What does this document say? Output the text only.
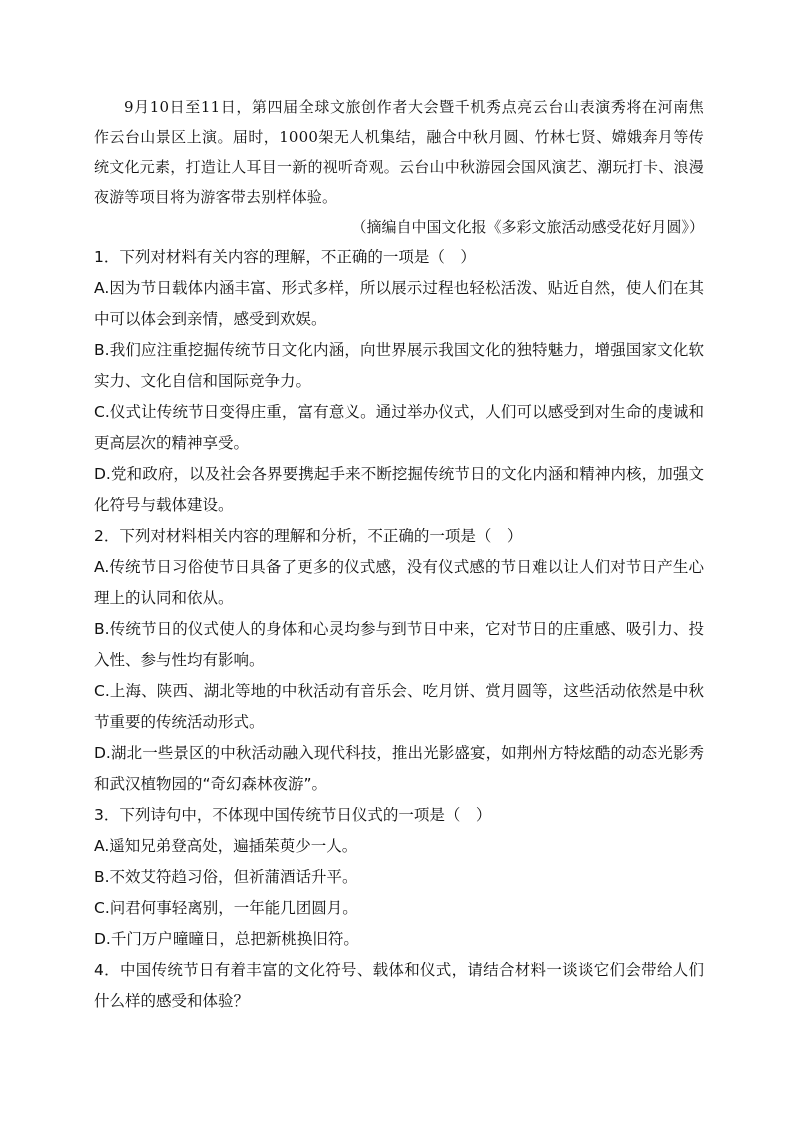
9月10日至11日，第四届全球文旅创作者大会暨千机秀点亮云台山表演秀将在河南焦作云台山景区上演。届时，1000架无人机集结，融合中秋月圆、竹林七贤、嫦娥奔月等传统文化元素，打造让人耳目一新的视听奇观。云台山中秋游园会国风演艺、潮玩打卡、浪漫夜游等项目将为游客带去别样体验。

（摘编自中国文化报《多彩文旅活动感受花好月圆》）

1．下列对材料有关内容的理解，不正确的一项是（　）

A.因为节日载体内涵丰富、形式多样，所以展示过程也轻松活泼、贴近自然，使人们在其中可以体会到亲情，感受到欢娱。

B.我们应注重挖掘传统节日文化内涵，向世界展示我国文化的独特魅力，增强国家文化软实力、文化自信和国际竞争力。

C.仪式让传统节日变得庄重，富有意义。通过举办仪式，人们可以感受到对生命的虔诚和更高层次的精神享受。

D.党和政府，以及社会各界要携起手来不断挖掘传统节日的文化内涵和精神内核，加强文化符号与载体建设。

2．下列对材料相关内容的理解和分析，不正确的一项是（　）

A.传统节日习俗使节日具备了更多的仪式感，没有仪式感的节日难以让人们对节日产生心理上的认同和依从。

B.传统节日的仪式使人的身体和心灵均参与到节日中来，它对节日的庄重感、吸引力、投入性、参与性均有影响。

C.上海、陕西、湖北等地的中秋活动有音乐会、吃月饼、赏月圆等，这些活动依然是中秋节重要的传统活动形式。

D.湖北一些景区的中秋活动融入现代科技，推出光影盛宴，如荆州方特炫酷的动态光影秀和武汉植物园的“奇幻森林夜游”。

3．下列诗句中，不体现中国传统节日仪式的一项是（　）

A.遥知兄弟登高处，遍插茱萸少一人。

B.不效艾符趋习俗，但祈蒲酒话升平。

C.问君何事轻离别，一年能几团圆月。

D.千门万户曈曈日，总把新桃换旧符。

4．中国传统节日有着丰富的文化符号、载体和仪式，请结合材料一谈谈它们会带给人们什么样的感受和体验？
